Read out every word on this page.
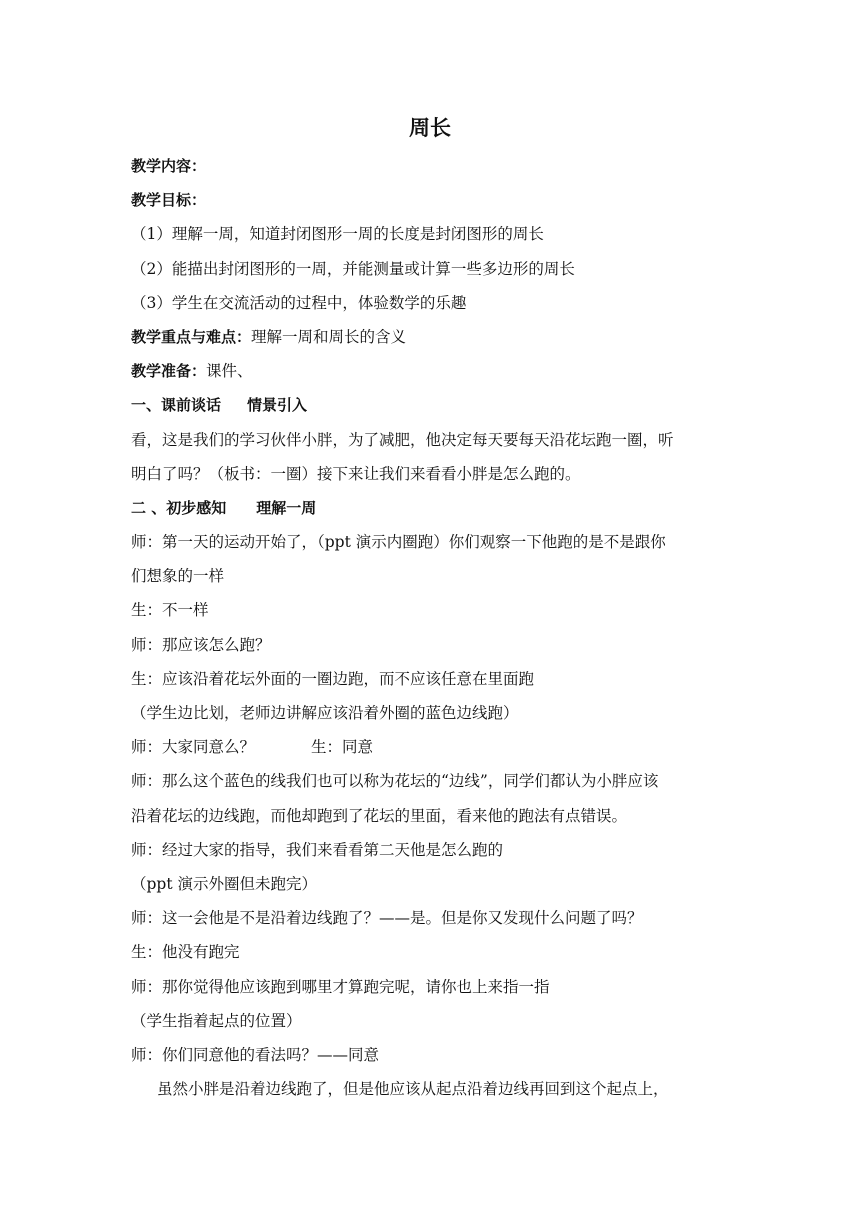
周长
教学内容：
教学目标：
（1）理解一周，知道封闭图形一周的长度是封闭图形的周长
（2）能描出封闭图形的一周，并能测量或计算一些多边形的周长
（3）学生在交流活动的过程中，体验数学的乐趣
教学重点与难点：理解一周和周长的含义
教学准备：课件、
一、课前谈话 情景引入
看，这是我们的学习伙伴小胖，为了减肥，他决定每天要每天沿花坛跑一圈，听
明白了吗？（板书：一圈）接下来让我们来看看小胖是怎么跑的。
二 、初步感知 理解一周
师：第一天的运动开始了，（ppt 演示内圈跑）你们观察一下他跑的是不是跟你
们想象的一样
生：不一样
师：那应该怎么跑？
生：应该沿着花坛外面的一圈边跑，而不应该任意在里面跑
（学生边比划，老师边讲解应该沿着外圈的蓝色边线跑）
师：大家同意么？	生：同意
师：那么这个蓝色的线我们也可以称为花坛的“边线”，同学们都认为小胖应该
沿着花坛的边线跑，而他却跑到了花坛的里面，看来他的跑法有点错误。
师：经过大家的指导，我们来看看第二天他是怎么跑的
（ppt 演示外圈但未跑完）
师：这一会他是不是沿着边线跑了？——是。但是你又发现什么问题了吗？
生：他没有跑完
师：那你觉得他应该跑到哪里才算跑完呢，请你也上来指一指
（学生指着起点的位置）
师：你们同意他的看法吗？——同意
虽然小胖是沿着边线跑了，但是他应该从起点沿着边线再回到这个起点上，
